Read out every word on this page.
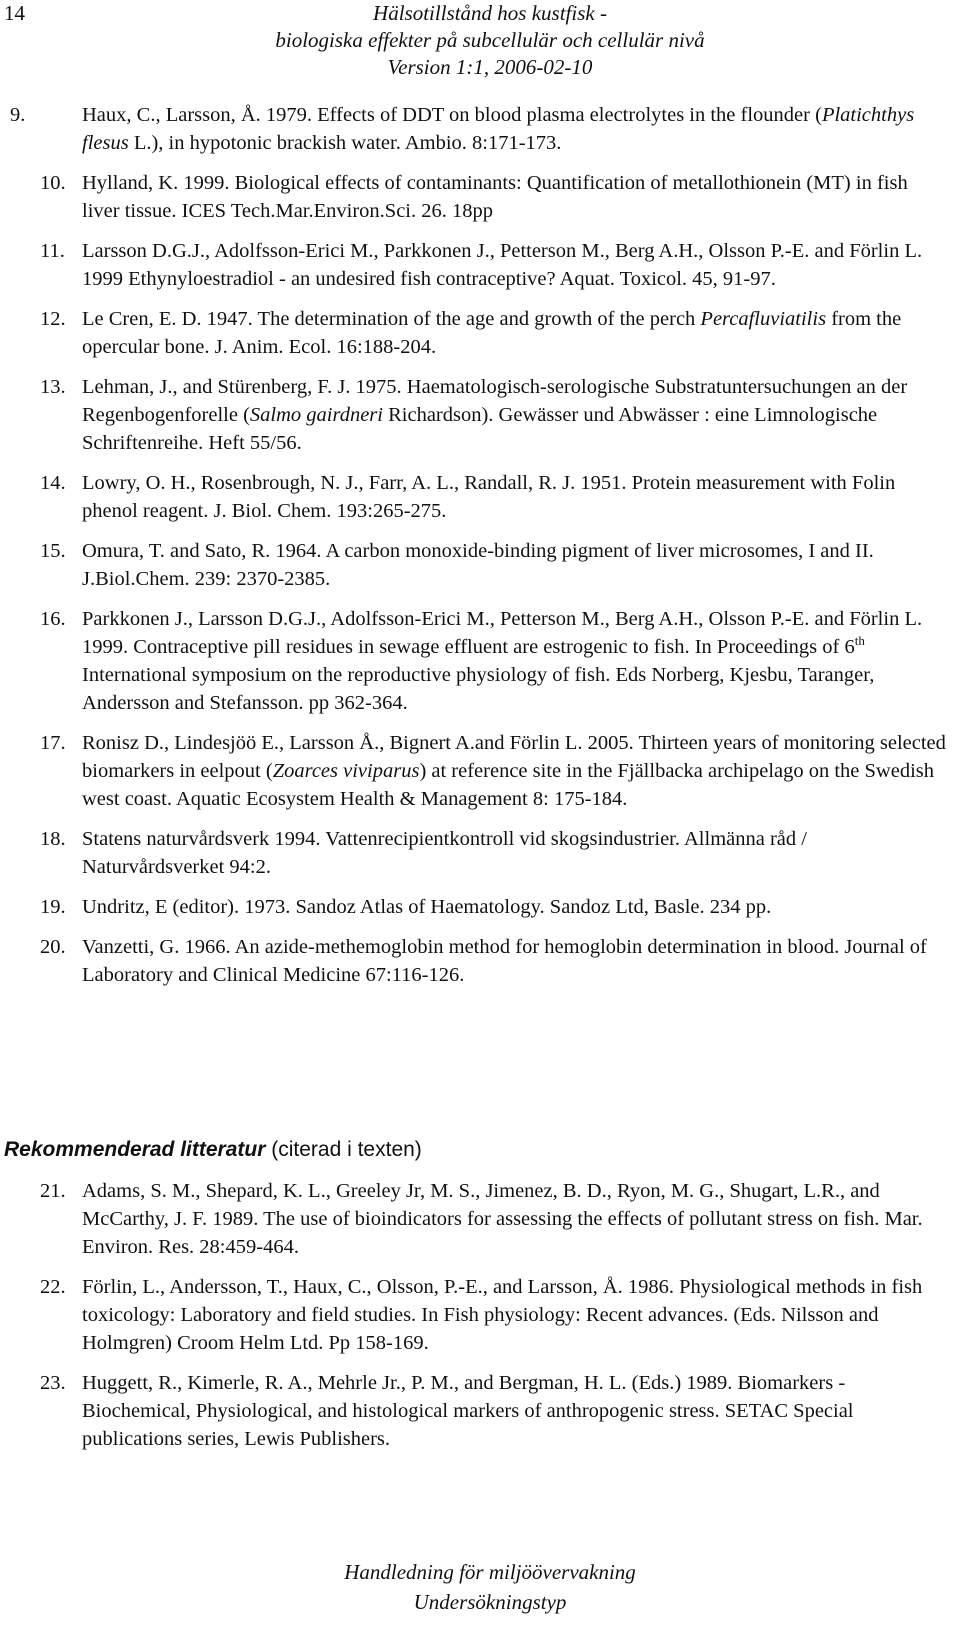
14	Hälsotillstånd hos kustfisk -
biologiska effekter på subcellulär och cellulär nivå
Version 1:1, 2006-02-10
9.	Haux, C., Larsson, Å. 1979. Effects of DDT on blood plasma electrolytes in the flounder (Platichthys flesus L.), in hypotonic brackish water. Ambio. 8:171-173.
10. Hylland, K. 1999. Biological effects of contaminants: Quantification of metallothionein (MT) in fish liver tissue. ICES Tech.Mar.Environ.Sci. 26. 18pp
11. Larsson D.G.J., Adolfsson-Erici M., Parkkonen J., Petterson M., Berg A.H., Olsson P.-E. and Förlin L. 1999 Ethynyloestradiol - an undesired fish contraceptive? Aquat. Toxicol. 45, 91-97.
12. Le Cren, E. D. 1947. The determination of the age and growth of the perch Percafluviatilis from the opercular bone. J. Anim. Ecol. 16:188-204.
13. Lehman, J., and Stürenberg, F. J. 1975. Haematologisch-serologische Substratuntersuchungen an der Regenbogenforelle (Salmo gairdneri Richardson). Gewässer und Abwässer : eine Limnologische Schriftenreihe. Heft 55/56.
14. Lowry, O. H., Rosenbrough, N. J., Farr, A. L., Randall, R. J. 1951. Protein measurement with Folin phenol reagent. J. Biol. Chem. 193:265-275.
15. Omura, T. and Sato, R. 1964. A carbon monoxide-binding pigment of liver microsomes, I and II. J.Biol.Chem. 239: 2370-2385.
16. Parkkonen J., Larsson D.G.J., Adolfsson-Erici M., Petterson M., Berg A.H., Olsson P.-E. and Förlin L. 1999. Contraceptive pill residues in sewage effluent are estrogenic to fish. In Proceedings of 6th International symposium on the reproductive physiology of fish. Eds Norberg, Kjesbu, Taranger, Andersson and Stefansson. pp 362-364.
17. Ronisz D., Lindesjöö E., Larsson Å., Bignert A.and Förlin L. 2005. Thirteen years of monitoring selected biomarkers in eelpout (Zoarces viviparus) at reference site in the Fjällbacka archipelago on the Swedish west coast. Aquatic Ecosystem Health & Management 8: 175-184.
18. Statens naturvårdsverk 1994. Vattenrecipientkontroll vid skogsindustrier. Allmänna råd / Naturvårdsverket 94:2.
19. Undritz, E (editor). 1973. Sandoz Atlas of Haematology. Sandoz Ltd, Basle. 234 pp.
20. Vanzetti, G. 1966. An azide-methemoglobin method for hemoglobin determination in blood. Journal of Laboratory and Clinical Medicine 67:116-126.
Rekommenderad litteratur (citerad i texten)
21. Adams, S. M., Shepard, K. L., Greeley Jr, M. S., Jimenez, B. D., Ryon, M. G., Shugart, L.R., and McCarthy, J. F. 1989. The use of bioindicators for assessing the effects of pollutant stress on fish. Mar. Environ. Res. 28:459-464.
22. Förlin, L., Andersson, T., Haux, C., Olsson, P.-E., and Larsson, Å. 1986. Physiological methods in fish toxicology: Laboratory and field studies. In Fish physiology: Recent advances. (Eds. Nilsson and Holmgren) Croom Helm Ltd. Pp 158-169.
23. Huggett, R., Kimerle, R. A., Mehrle Jr., P. M., and Bergman, H. L. (Eds.) 1989. Biomarkers - Biochemical, Physiological, and histological markers of anthropogenic stress. SETAC Special publications series, Lewis Publishers.
Handledning för miljöövervakning
Undersökningstyp
